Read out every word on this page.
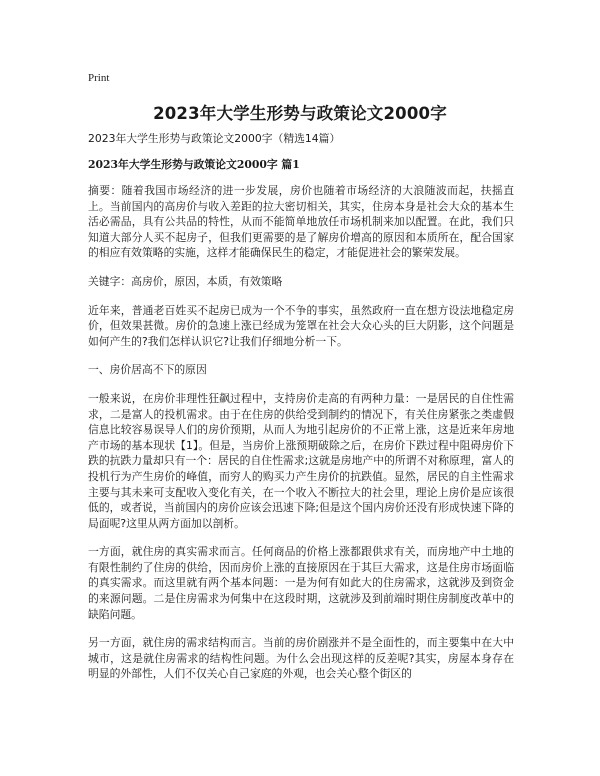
Print
2023年大学生形势与政策论文2000字
2023年大学生形势与政策论文2000字（精选14篇）
2023年大学生形势与政策论文2000字 篇1

摘要：随着我国市场经济的进一步发展，房价也随着市场经济的大浪随波而起，扶摇直上。当前国内的高房价与收入差距的拉大密切相关，其实，住房本身是社会大众的基本生活必需品，具有公共品的特性，从而不能简单地放任市场机制来加以配置。在此，我们只知道大部分人买不起房子，但我们更需要的是了解房价增高的原因和本质所在，配合国家的相应有效策略的实施，这样才能确保民生的稳定，才能促进社会的繁荣发展。

关键字：高房价，原因，本质，有效策略

近年来，普通老百姓买不起房已成为一个不争的事实，虽然政府一直在想方设法地稳定房价，但效果甚微。房价的急速上涨已经成为笼罩在社会大众心头的巨大阴影，这个问题是如何产生的?我们怎样认识它?让我们仔细地分析一下。

一、房价居高不下的原因

一般来说，在房价非理性狂飙过程中，支持房价走高的有两种力量：一是居民的自住性需求，二是富人的投机需求。由于在住房的供给受到制约的情况下，有关住房紧张之类虚假信息比较容易误导人们的房价预期，从而人为地引起房价的不正常上涨，这是近来年房地产市场的基本现状【1】。但是，当房价上涨预期破除之后，在房价下跌过程中阻碍房价下跌的抗跌力量却只有一个：居民的自住性需求;这就是房地产中的所谓不对称原理，富人的投机行为产生房价的峰值，而穷人的购买力产生房价的抗跌值。显然，居民的自主性需求主要与其未来可支配收入变化有关，在一个收入不断拉大的社会里，理论上房价是应该很低的，或者说，当前国内的房价应该会迅速下降;但是这个国内房价还没有形成快速下降的局面呢?这里从两方面加以剖析。

一方面，就住房的真实需求而言。任何商品的价格上涨都跟供求有关，而房地产中土地的有限性制约了住房的供给，因而房价上涨的直接原因在于其巨大需求，这是住房市场面临的真实需求。而这里就有两个基本问题：一是为何有如此大的住房需求，这就涉及到资金的来源问题。二是住房需求为何集中在这段时期，这就涉及到前端时期住房制度改革中的缺陷问题。

另一方面，就住房的需求结构而言。当前的房价剧涨并不是全面性的，而主要集中在大中城市，这是就住房需求的结构性问题。为什么会出现这样的反差呢?其实，房屋本身存在明显的外部性，人们不仅关心自己家庭的外观，也会关心整个街区的
